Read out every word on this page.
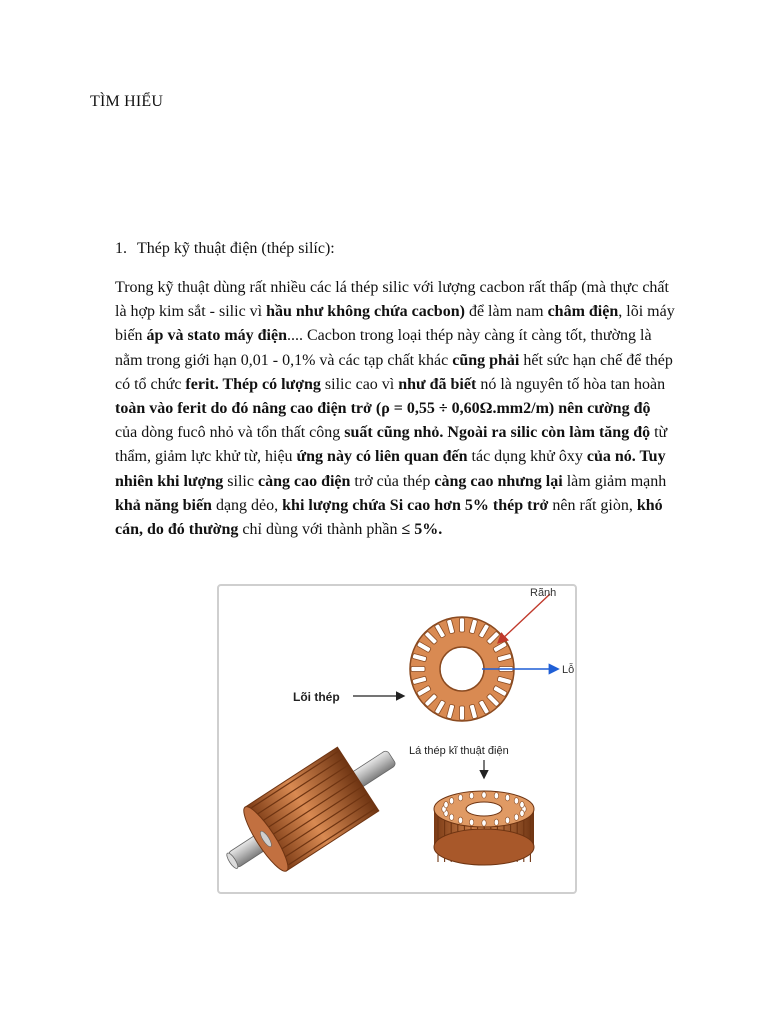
TÌM HIỂU
1. Thép kỹ thuật điện (thép silíc):

Trong kỹ thuật dùng rất nhiều các lá thép silic với lượng cacbon rất thấp (mà thực chất là hợp kim sắt - silic vì hầu như không chứa cacbon) để làm nam châm điện, lõi máy biến áp và stato máy điện.... Cacbon trong loại thép này càng ít càng tốt, thường là nằm trong giới hạn 0,01 - 0,1% và các tạp chất khác cũng phải hết sức hạn chế để thép có tổ chức ferit. Thép có lượng silic cao vì như đã biết nó là nguyên tố hòa tan hoàn toàn vào ferit do đó nâng cao điện trở (ρ = 0,55 ÷ 0,60Ω.mm2/m) nên cường độ của dòng fucô nhỏ và tổn thất công suất cũng nhỏ. Ngoài ra silic còn làm tăng độ từ thẩm, giảm lực khử từ, hiệu ứng này có liên quan đến tác dụng khử ôxy của nó. Tuy nhiên khi lượng silic càng cao điện trở của thép càng cao nhưng lại làm giảm mạnh khả năng biến dạng dẻo, khi lượng chứa Si cao hơn 5% thép trở nên rất giòn, khó cán, do đó thường chỉ dùng với thành phần ≤ 5%.

Rãnh
Lỗ
Lõi thép
Lá thép kĩ thuật điện
